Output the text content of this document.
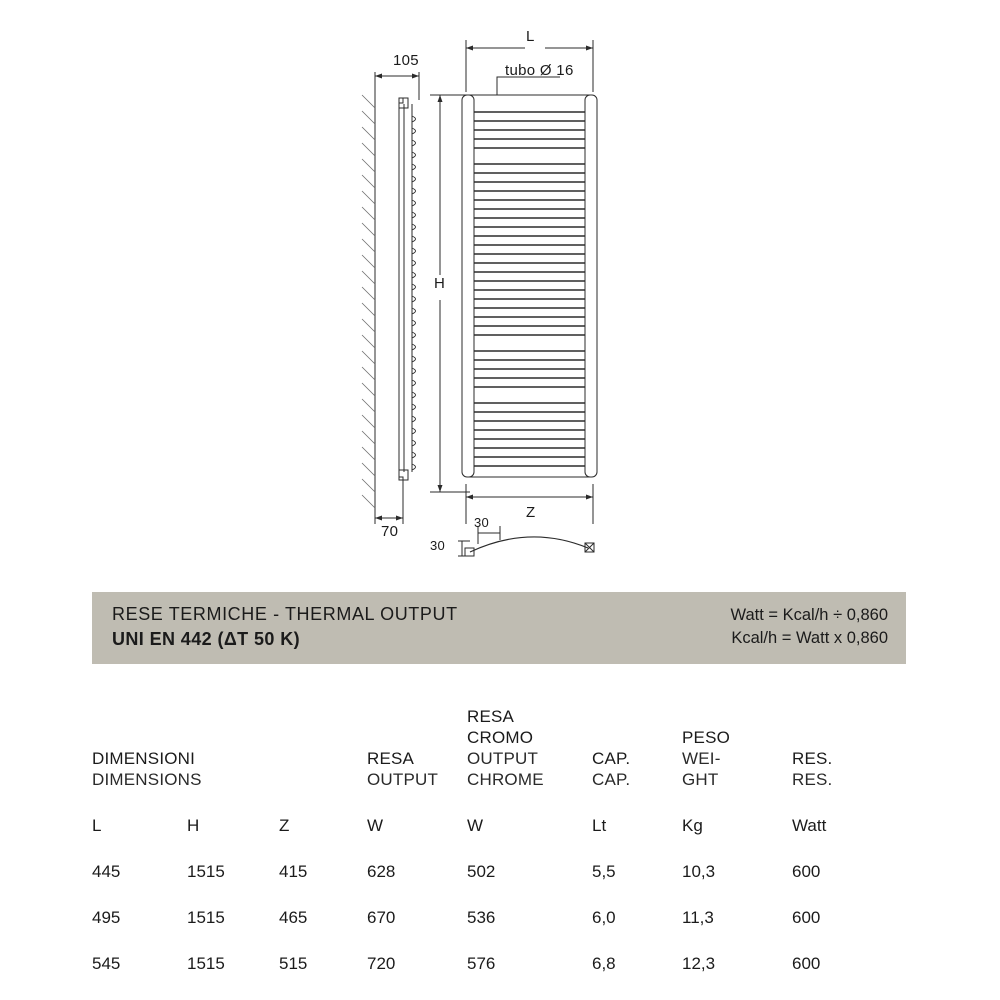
105
70
H
L
Z
tubo Ø 16
30
30
RESE TERMICHE - THERMAL OUTPUT
UNI EN 442 (ΔT 50 K)
Watt = Kcal/h ÷ 0,860
Kcal/h = Watt x 0,860
DIMENSIONI
DIMENSIONS

RESA
OUTPUT

RESA
CROMO
OUTPUT
CHROME

CAP.
CAP.

PESO
WEI-
GHT

RES.
RES.

L	H	Z	W	W	Lt	Kg	Watt
445	1515	415	628	502	5,5	10,3	600
495	1515	465	670	536	6,0	11,3	600
545	1515	515	720	576	6,8	12,3	600
